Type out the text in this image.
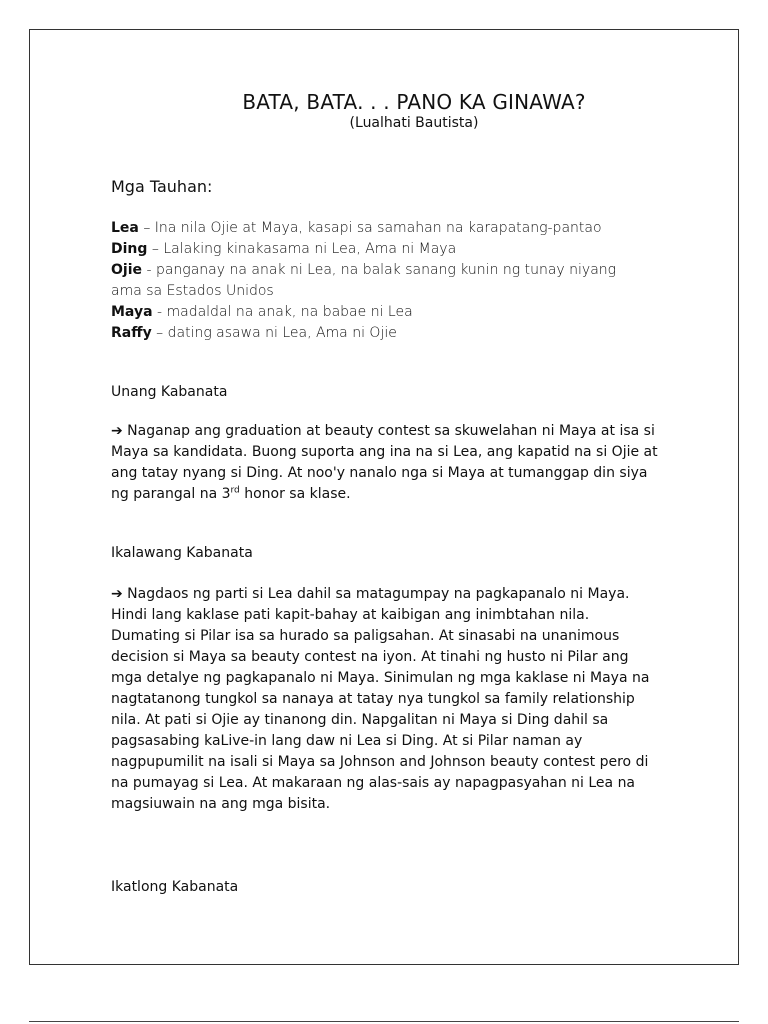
BATA, BATA. . . PANO KA GINAWA?
(Lualhati Bautista)
Mga Tauhan:
Lea – Ina nila Ojie at Maya, kasapi sa samahan na karapatang-pantao
Ding – Lalaking kinakasama ni Lea, Ama ni Maya
Ojie - panganay na anak ni Lea, na balak sanang kunin ng tunay niyang ama sa Estados Unidos
Maya - madaldal na anak, na babae ni Lea
Raffy – dating asawa ni Lea, Ama ni Ojie
Unang Kabanata

➔ Naganap ang graduation at beauty contest sa skuwelahan ni Maya at isa si Maya sa kandidata. Buong suporta ang ina na si Lea, ang kapatid na si Ojie at ang tatay nyang si Ding. At noo'y nanalo nga si Maya at tumanggap din siya ng parangal na 3rd honor sa klase.

Ikalawang Kabanata

➔ Nagdaos ng parti si Lea dahil sa matagumpay na pagkapanalo ni Maya. Hindi lang kaklase pati kapit-bahay at kaibigan ang inimbtahan nila. Dumating si Pilar isa sa hurado sa paligsahan. At sinasabi na unanimous decision si Maya sa beauty contest na iyon. At tinahi ng husto ni Pilar ang mga detalye ng pagkapanalo ni Maya. Sinimulan ng mga kaklase ni Maya na nagtatanong tungkol sa nanaya at tatay nya tungkol sa family relationship nila. At pati si Ojie ay tinanong din. Napgalitan ni Maya si Ding dahil sa pagsasabing kaLive-in lang daw ni Lea si Ding. At si Pilar naman ay nagpupumilit na isali si Maya sa Johnson and Johnson beauty contest pero di na pumayag si Lea. At makaraan ng alas-sais ay napagpasyahan ni Lea na magsiuwain na ang mga bisita.

Ikatlong Kabanata
